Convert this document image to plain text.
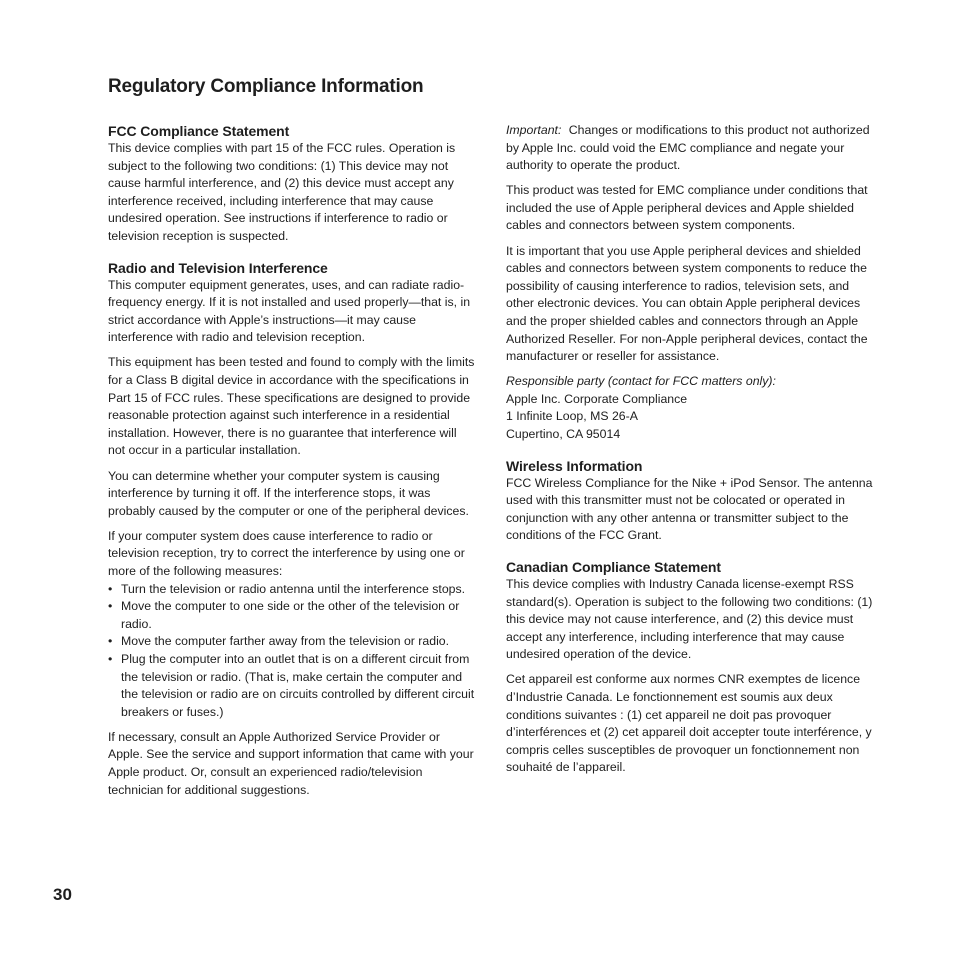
Regulatory Compliance Information
FCC Compliance Statement

This device complies with part 15 of the FCC rules. Operation is subject to the following two conditions: (1) This device may not cause harmful interference, and (2) this device must accept any interference received, including interference that may cause undesired operation. See instructions if interference to radio or television reception is suspected.

Radio and Television Interference

This computer equipment generates, uses, and can radiate radio-frequency energy. If it is not installed and used properly—that is, in strict accordance with Apple’s instructions—it may cause interference with radio and television reception.

This equipment has been tested and found to comply with the limits for a Class B digital device in accordance with the specifications in Part 15 of FCC rules. These specifications are designed to provide reasonable protection against such interference in a residential installation. However, there is no guarantee that interference will not occur in a particular installation.

You can determine whether your computer system is causing interference by turning it off. If the interference stops, it was probably caused by the computer or one of the peripheral devices.

If your computer system does cause interference to radio or television reception, try to correct the interference by using one or more of the following measures:

• Turn the television or radio antenna until the interference stops.
• Move the computer to one side or the other of the television or radio.
• Move the computer farther away from the television or radio.
• Plug the computer into an outlet that is on a different circuit from the television or radio. (That is, make certain the computer and the television or radio are on circuits controlled by different circuit breakers or fuses.)

If necessary, consult an Apple Authorized Service Provider or Apple. See the service and support information that came with your Apple product. Or, consult an experienced radio/television technician for additional suggestions.

Important: Changes or modifications to this product not authorized by Apple Inc. could void the EMC compliance and negate your authority to operate the product.

This product was tested for EMC compliance under conditions that included the use of Apple peripheral devices and Apple shielded cables and connectors between system components.

It is important that you use Apple peripheral devices and shielded cables and connectors between system components to reduce the possibility of causing interference to radios, television sets, and other electronic devices. You can obtain Apple peripheral devices and the proper shielded cables and connectors through an Apple Authorized Reseller. For non-Apple peripheral devices, contact the manufacturer or reseller for assistance.

Responsible party (contact for FCC matters only):
Apple Inc. Corporate Compliance
1 Infinite Loop, MS 26-A
Cupertino, CA 95014
Wireless Information

FCC Wireless Compliance for the Nike + iPod Sensor. The antenna used with this transmitter must not be colocated or operated in conjunction with any other antenna or transmitter subject to the conditions of the FCC Grant.

Canadian Compliance Statement

This device complies with Industry Canada license-exempt RSS standard(s). Operation is subject to the following two conditions: (1) this device may not cause interference, and (2) this device must accept any interference, including interference that may cause undesired operation of the device.

Cet appareil est conforme aux normes CNR exemptes de licence d’Industrie Canada. Le fonctionnement est soumis aux deux conditions suivantes : (1) cet appareil ne doit pas provoquer d’interférences et (2) cet appareil doit accepter toute interférence, y compris celles susceptibles de provoquer un fonctionnement non souhaité de l’appareil.

30
